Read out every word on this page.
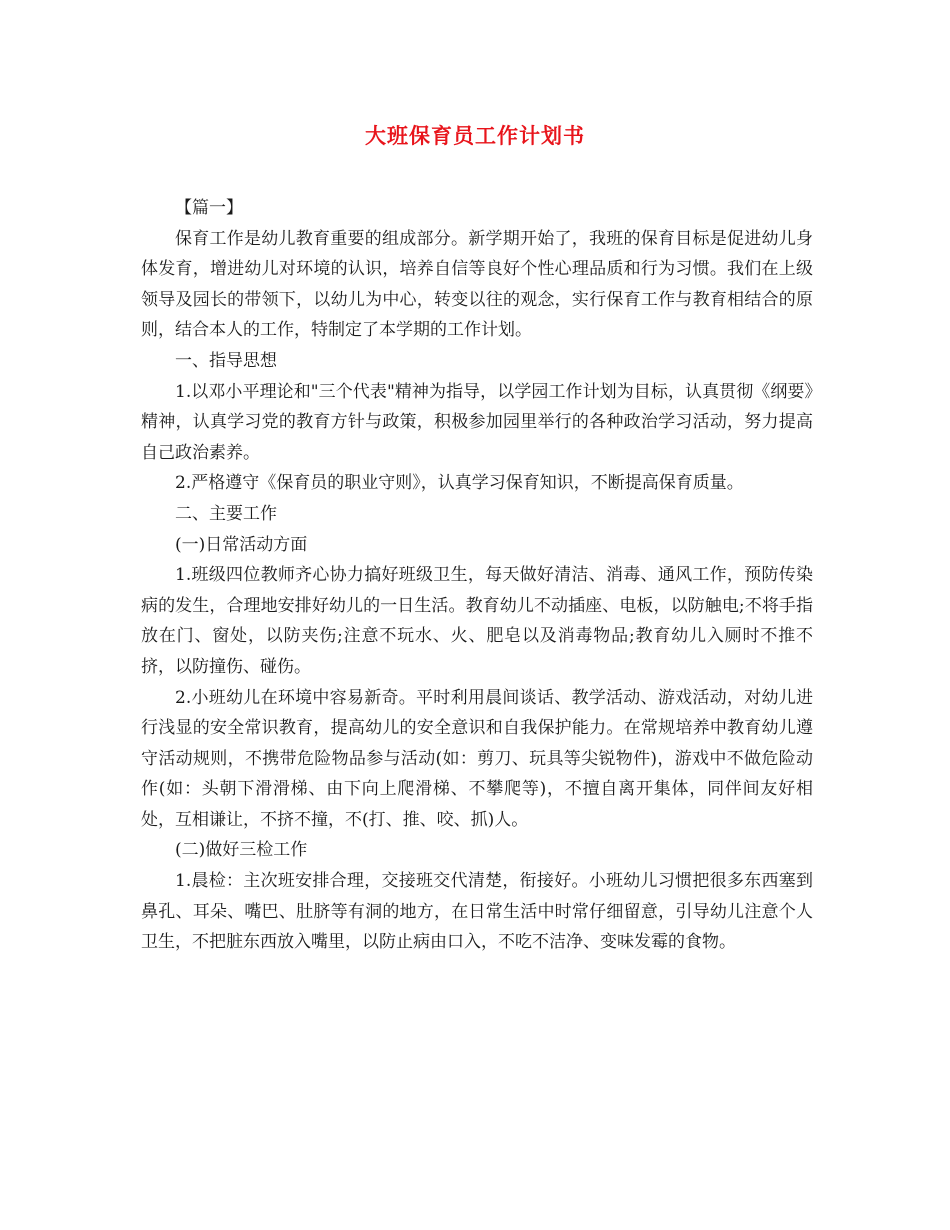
大班保育员工作计划书

【篇一】

保育工作是幼儿教育重要的组成部分。新学期开始了，我班的保育目标是促进幼儿身体发育，增进幼儿对环境的认识，培养自信等良好个性心理品质和行为习惯。我们在上级领导及园长的带领下，以幼儿为中心，转变以往的观念，实行保育工作与教育相结合的原则，结合本人的工作，特制定了本学期的工作计划。

一、指导思想

1.以邓小平理论和"三个代表"精神为指导，以学园工作计划为目标，认真贯彻《纲要》精神，认真学习党的教育方针与政策，积极参加园里举行的各种政治学习活动，努力提高自己政治素养。

2.严格遵守《保育员的职业守则》，认真学习保育知识，不断提高保育质量。

二、主要工作

(一)日常活动方面

1.班级四位教师齐心协力搞好班级卫生，每天做好清洁、消毒、通风工作，预防传染病的发生，合理地安排好幼儿的一日生活。教育幼儿不动插座、电板，以防触电;不将手指放在门、窗处，以防夹伤;注意不玩水、火、肥皂以及消毒物品;教育幼儿入厕时不推不挤，以防撞伤、碰伤。

2.小班幼儿在环境中容易新奇。平时利用晨间谈话、教学活动、游戏活动，对幼儿进行浅显的安全常识教育，提高幼儿的安全意识和自我保护能力。在常规培养中教育幼儿遵守活动规则，不携带危险物品参与活动(如：剪刀、玩具等尖锐物件)，游戏中不做危险动作(如：头朝下滑滑梯、由下向上爬滑梯、不攀爬等)，不擅自离开集体，同伴间友好相处，互相谦让，不挤不撞，不(打、推、咬、抓)人。

(二)做好三检工作

1.晨检：主次班安排合理，交接班交代清楚，衔接好。小班幼儿习惯把很多东西塞到鼻孔、耳朵、嘴巴、肚脐等有洞的地方，在日常生活中时常仔细留意，引导幼儿注意个人卫生，不把脏东西放入嘴里，以防止病由口入，不吃不洁净、变味发霉的食物。
